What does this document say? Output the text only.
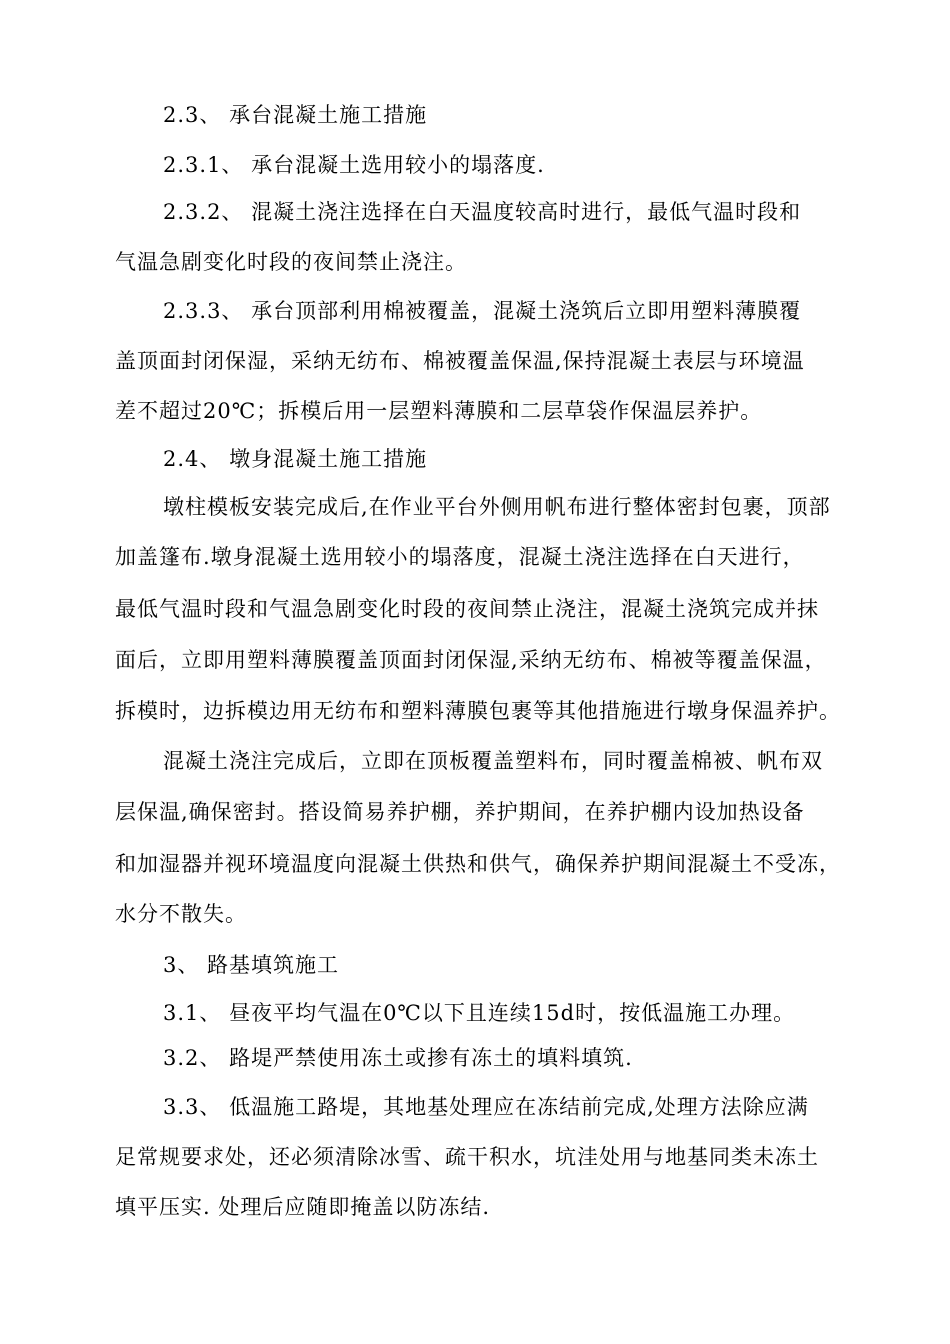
2.3、 承台混凝土施工措施
2.3.1、 承台混凝土选用较小的塌落度.
2.3.2、 混凝土浇注选择在白天温度较高时进行，最低气温时段和
气温急剧变化时段的夜间禁止浇注。
2.3.3、 承台顶部利用棉被覆盖，混凝土浇筑后立即用塑料薄膜覆
盖顶面封闭保湿，采纳无纺布、棉被覆盖保温,保持混凝土表层与环境温
差不超过20℃；拆模后用一层塑料薄膜和二层草袋作保温层养护。
2.4、 墩身混凝土施工措施
墩柱模板安装完成后,在作业平台外侧用帆布进行整体密封包裹，顶部
加盖篷布.墩身混凝土选用较小的塌落度，混凝土浇注选择在白天进行，
最低气温时段和气温急剧变化时段的夜间禁止浇注，混凝土浇筑完成并抹
面后，立即用塑料薄膜覆盖顶面封闭保湿,采纳无纺布、棉被等覆盖保温，
拆模时，边拆模边用无纺布和塑料薄膜包裹等其他措施进行墩身保温养护。
混凝土浇注完成后，立即在顶板覆盖塑料布，同时覆盖棉被、帆布双
层保温,确保密封。搭设简易养护棚，养护期间，在养护棚内设加热设备
和加湿器并视环境温度向混凝土供热和供气，确保养护期间混凝土不受冻，
水分不散失。
3、 路基填筑施工
3.1、 昼夜平均气温在0℃以下且连续15d时，按低温施工办理。
3.2、 路堤严禁使用冻土或掺有冻土的填料填筑.
3.3、 低温施工路堤，其地基处理应在冻结前完成,处理方法除应满
足常规要求处，还必须清除冰雪、疏干积水，坑洼处用与地基同类未冻土
填平压实. 处理后应随即掩盖以防冻结.
